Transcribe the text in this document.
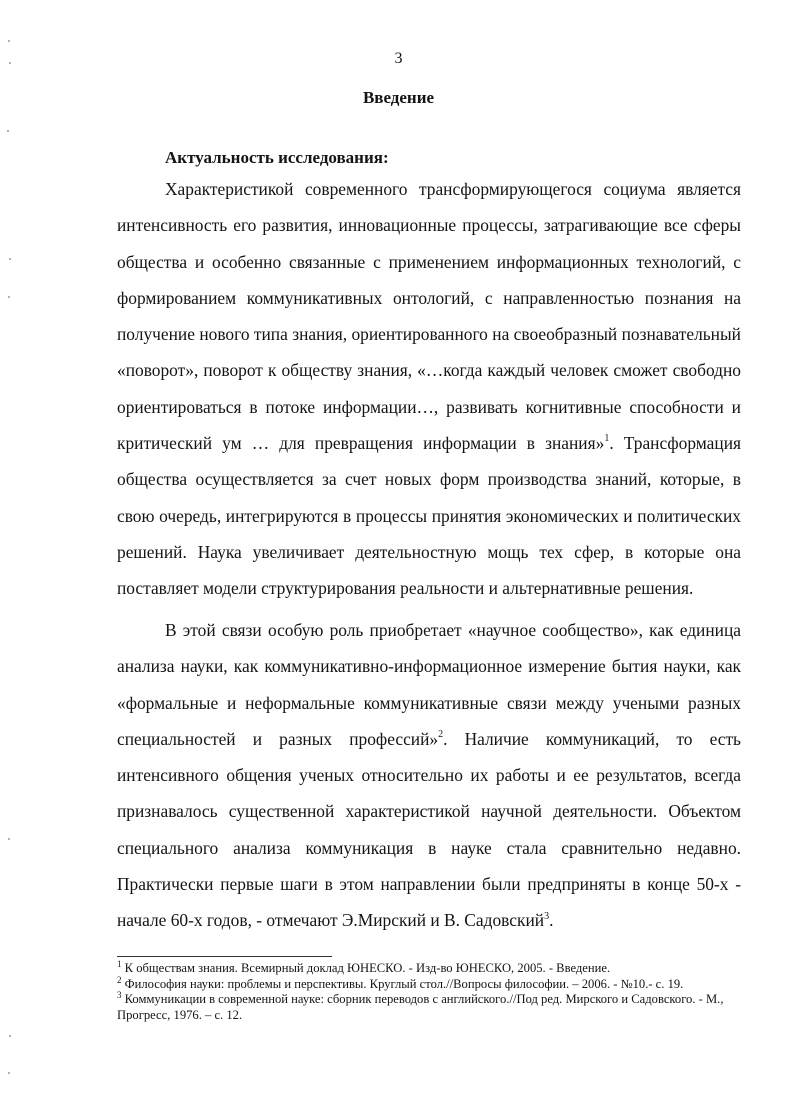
3
Введение
Актуальность исследования:

Характеристикой современного трансформирующегося социума является интенсивность его развития, инновационные процессы, затрагивающие все сферы общества и особенно связанные с применением информационных технологий, с формированием коммуникативных онтологий, с направленностью познания на получение нового типа знания, ориентированного на своеобразный познавательный «поворот», поворот к обществу знания, «…когда каждый человек сможет свободно ориентироваться в потоке информации…, развивать когнитивные способности и критический ум … для превращения информации в знания»$^1$. Трансформация общества осуществляется за счет новых форм производства знаний, которые, в свою очередь, интегрируются в процессы принятия экономических и политических решений. Наука увеличивает деятельностную мощь тех сфер, в которые она поставляет модели структурирования реальности и альтернативные решения.

В этой связи особую роль приобретает «научное сообщество», как единица анализа науки, как коммуникативно-информационное измерение бытия науки, как «формальные и неформальные коммуникативные связи между учеными разных специальностей и разных профессий»$^2$. Наличие коммуникаций, то есть интенсивного общения ученых относительно их работы и ее результатов, всегда признавалось существенной характеристикой научной деятельности. Объектом специального анализа коммуникация в науке стала сравнительно недавно. Практически первые шаги в этом направлении были предприняты в конце 50-х - начале 60-х годов, - отмечают Э.Мирский и В. Садовский$^3$.

$^1$ К обществам знания. Всемирный доклад ЮНЕСКО. - Изд-во ЮНЕСКО, 2005. - Введение.

$^2$ Философия науки: проблемы и перспективы. Круглый стол.//Вопросы философии. – 2006. - №10.- с. 19.

$^3$ Коммуникации в современной науке: сборник переводов с английского.//Под ред. Мирского и Садовского. - М., Прогресс, 1976. – с. 12.
